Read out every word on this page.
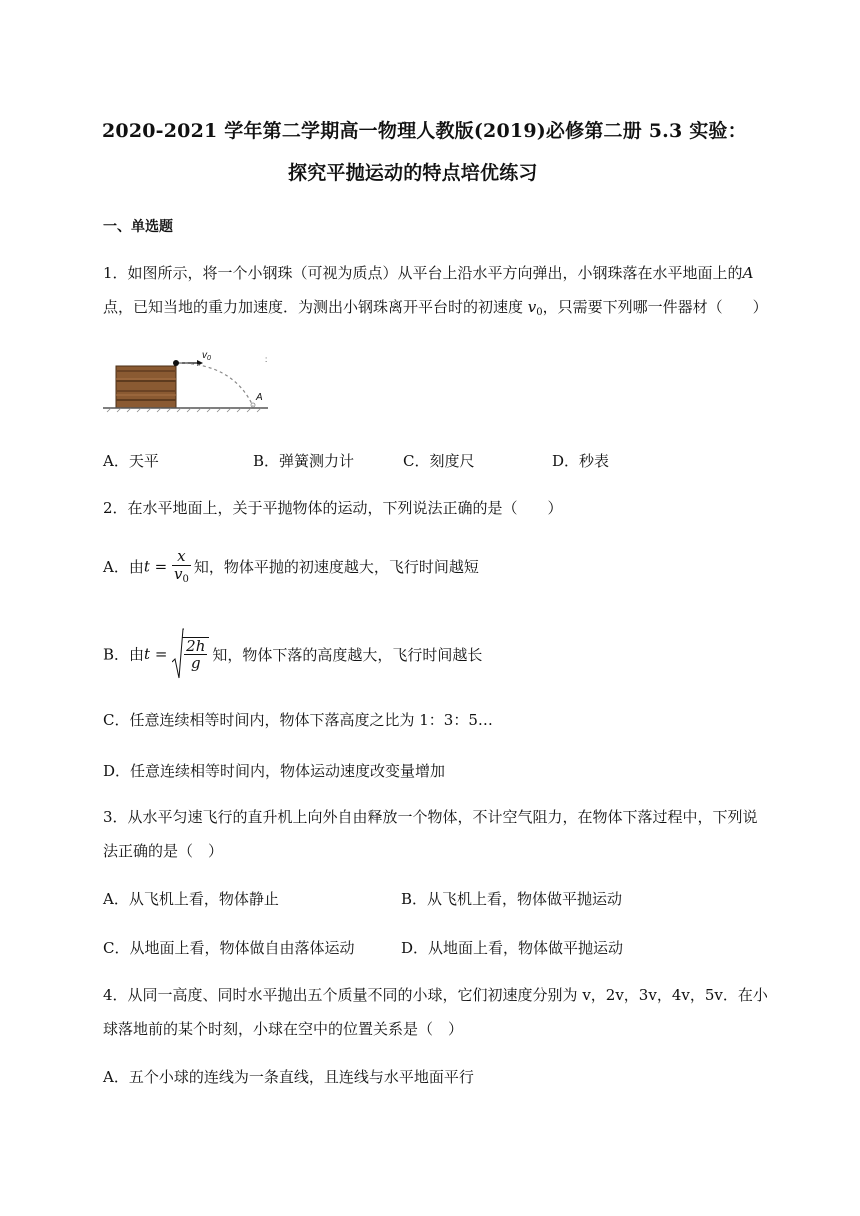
2020-2021 学年第二学期高一物理人教版(2019)必修第二册 5.3 实验：
探究平抛运动的特点培优练习
一、单选题
1．如图所示，将一个小钢珠（可视为质点）从平台上沿水平方向弹出，小钢珠落在水平地面上的A
点，已知当地的重力加速度．为测出小钢珠离开平台时的初速度 $v_0$，只需要下列哪一件器材（　　）
$v_0$
A
:
A．天平	B．弹簧测力计	C．刻度尺	D．秒表
2．在水平地面上，关于平抛物体的运动，下列说法正确的是（　　）
A．由$t = \frac{x}{v_0}$ 知，物体平抛的初速度越大，飞行时间越短
B．由$t = \frac{2h}{g}$ 知，物体下落的高度越大，飞行时间越长
C．任意连续相等时间内，物体下落高度之比为 1：3：5…
D．任意连续相等时间内，物体运动速度改变量增加
3．从水平匀速飞行的直升机上向外自由释放一个物体，不计空气阻力，在物体下落过程中，下列说
法正确的是（　）
A．从飞机上看，物体静止	B．从飞机上看，物体做平抛运动
C．从地面上看，物体做自由落体运动	D．从地面上看，物体做平抛运动
4．从同一高度、同时水平抛出五个质量不同的小球，它们初速度分别为 v，2v，3v，4v，5v．在小
球落地前的某个时刻，小球在空中的位置关系是（　）
A．五个小球的连线为一条直线，且连线与水平地面平行
